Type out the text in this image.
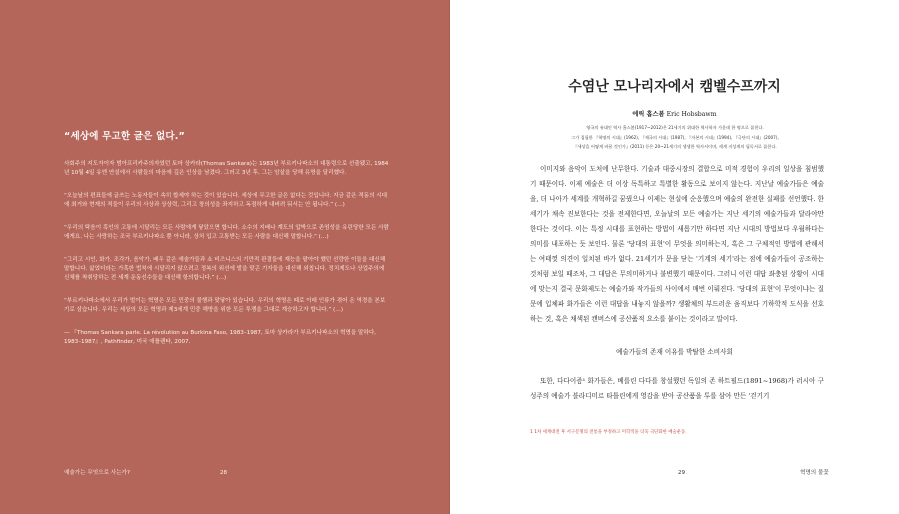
“세상에 무고한 글은 없다.”

사회주의 지도자이자 범아프리카주의자였던 토마 상카라(Thomas Sankara)는 1983년 부르키나파소의 대통령으로 선출됐고, 1984년 10월 4일 유엔 연설에서 사람들의 마음에 깊은 인상을 남겼다. 그러고 3년 후, 그는 암살을 당해 유명을 달리했다.

“오늘날의 편표들에 글쓰는 노동자들이 속히 합세야 하는 것이 있습니다. 세상에 무고한 글은 없다는 것입니다. 지금 같은 격동의 시대에 최거와 현재의 적들이 우리의 사상과 상상력, 그리고 창의성을 좌지하고 독점하게 내버려 둬서는 안 됩니다.” (…)

“우리의 탁음이 흑인의 고통에 시달리는 모든 사람에게 닿았으면 합니다. 소수의 지배나 계도의 압박으로 존엄성을 유린당한 모든 사람에게요. 나는 사랑하는 조국 부르키나파소 뿐 아니라, 상처 입고 고통받는 모든 사람을 대신해 말합니다.” (…)

“그리고 시인, 화가, 조각가, 음악가, 배우 같은 예술가들과 쇼 비즈니스의 기만적 판결들에 재능을 팔아야 했던 선량한 이들을 대신해 말합니다. 삶었더라는 가혹한 법칙에 시달리지 않으려고 정복의 위선에 발을 맞곤 기자들을 대신해 외칩니다. 정치제도나 상업주의에 신체를 착취당하는 전 세계 운동선수들을 대신해 항의합니다.” (…)

“부르키나파소에서 우리가 벌이는 혁명은 모든 민중의 불행과 맞닿아 있습니다. 우리의 혁명은 때로 이래 인류가 겪어 온 역경을 본보기로 삼습니다. 우리는 세상의 모든 혁명과 제3세계 민중 해방을 위한 모든 투쟁을 그대로 계승하고자 합니다.” (…)

— 『Thomas Sankara parle. La révolution au Burkina Faso, 1983–1987, 토마 상카라가 부르키나파소의 혁명을 말하다, 1983–1987』, Pathfinder, 미국 애틀랜타, 2007.

예술가는 무엇으로 사는가?	28
수염난 모나리자에서 캠벨수프까지
에릭 홉스봄 Eric Hobsbawm
영국의 유대인 역사 홉스봄(1917~2012)은 21세기의 위대한 역사학자 가운데 한 명으로 꼽힌다.
그가 집필한 『혁명의 시대』(1962), 『제국의 시대』(1987), 『자본의 시대』(1994), 『극단의 시대』(2007),
『세상을 어떻게 바꿀 것인가』(2011) 등은 20~21세기의 생생한 역사서이며, 세계 지성계의 필독서로 꼽힌다.

이미지와 음악이 도처에 난무한다. 기술과 대중시장의 결합으로 미적 경험이 우리의 일상을 침범했기 때문이다. 이제 예술은 더 이상 독특하고 특별한 활동으로 보이지 않는다. 지난날 예술가들은 예술을, 더 나아가 세계를 개혁하길 꿈꿨으나 이제는 현실에 순응했으며 예술의 완전한 실패를 선언했다. 한 세기가 채속 진보한다는 것을 전제한다면, 오늘날의 모든 예술가는 지난 세기의 예술가들과 달라야만 한다는 것이다. 이는 특정 시대를 표현하는 방법이 새롭기만 하다면 지난 시대의 방법보다 우월하다는 의미를 내포하는 듯 보인다. 물론 '당대의 표현'이 무엇을 의미하는지, 혹은 그 구체적인 방법에 관해서는 여태껏 의견이 일치된 바가 없다. 21세기가 문을 닫는 '기계의 세기'라는 점에 예술가들이 공조하는 것처럼 보일 때조차, 그 대답은 무의미하거나 불변했기 때문이다. 그러니 이런 대답 좌충된 상황이 시대에 맞는지 결국 문화제도는 예술가와 작가들의 사이에서 매번 이뤄진다. '당대의 표현'이 무엇이냐는 질문에 입체파 화가들은 이런 대답을 내놓지 않을까? 생활체의 부드러운 움직보다 기하학적 도식을 선호하는 것, 혹은 채색된 캔버스에 공산품적 요소를 붙이는 것이라고 말이다.

예술가들의 존재 이유를 박탈한 소비사회

또한, 다다이즘¹ 화가들은, 베를린 다다를 창설했던 독일의 존 하트필드(1891~1968)가 러시아 구성주의 예술가 블라디미르 타틀린에게 영감을 받아 공산품을 투를 삼아 만든 '걷기기

1 1차 세계대전 후 서구문명의 전통을 부정하고 미학적을 더욱 극단화한 예술운동.
29	혁명의 물꽃
